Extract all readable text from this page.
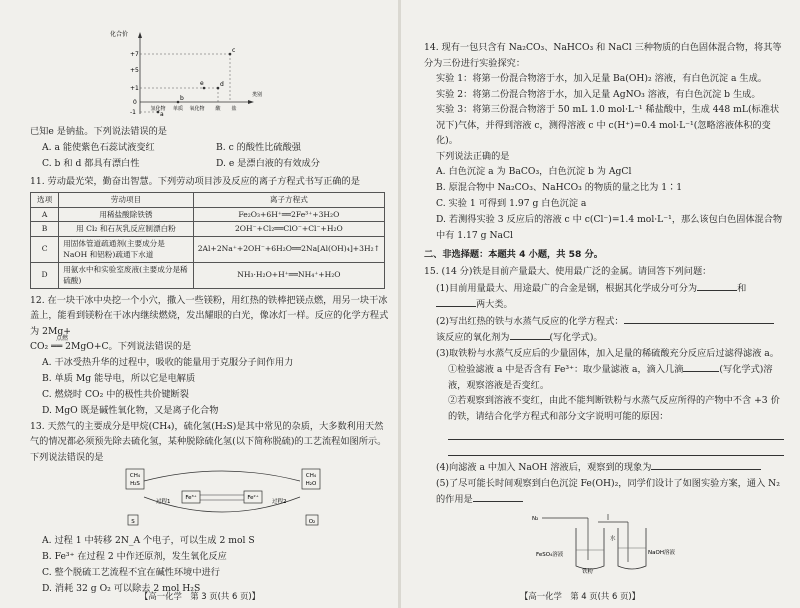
化合价
+7
+5
+1
0
-1	a
b
c
d
e
氢化物 单质 氧化物 酸 盐
类别

已知e 是钠盐。下列说法错误的是

A. a 能使紫色石蕊试液变红	B. c 的酸性比硫酸强
C. b 和 d 都具有漂白性	D. e 是漂白液的有效成分

11. 劳动最光荣，勤奋出智慧。下列劳动项目涉及反应的离子方程式书写正确的是

选项	劳动项目	离子方程式
A	用稀盐酸除铁锈	Fe₂O₃+6H⁺══2Fe³⁺+3H₂O
B	用 Cl₂ 和石灰乳反应制漂白粉	2OH⁻+Cl₂══ClO⁻+Cl⁻+H₂O
C	用固体管道疏通剂(主要成分是 NaOH 和铝粉)疏通下水道	2Al+2Na⁺+2OH⁻+6H₂O══2Na[Al(OH)₄]+3H₂↑
D	用氨水中和实验室废液(主要成分是稀硫酸)	NH₃·H₂O+H⁺══NH₄⁺+H₂O

12. 在一块干冰中央挖一个小穴，撒入一些镁粉，用红热的铁棒把镁点燃，用另一块干冰盖上，能看到镁粉在干冰内继续燃烧，发出耀眼的白光，像冰灯一样。反应的化学方程式为 2Mg+

点燃
CO₂ ══ 2MgO+C。下列说法错误的是

A. 干冰受热升华的过程中，吸收的能量用于克服分子间作用力

B. 单质 Mg 能导电，所以它是电解质

C. 燃烧时 CO₂ 中的极性共价键断裂

D. MgO 既是碱性氧化物，又是离子化合物

13. 天然气的主要成分是甲烷(CH₄)，硫化氢(H₂S)是其中常见的杂质，大多数利用天然气的情况都必须预先除去硫化氢，某种脱除硫化氢(以下简称脱硫)的工艺流程如图所示。下列说法错误的是

CH₄
H₂S
CH₄
H₂O
Fe³⁺	Fe²⁺
过程1	过程2
S	O₂

A. 过程 1 中转移 2N_A 个电子，可以生成 2 mol S

B. Fe³⁺ 在过程 2 中作还原剂，发生氧化反应

C. 整个脱硫工艺流程不宜在碱性环境中进行

D. 消耗 32 g O₂ 可以除去 2 mol H₂S

【高一化学　第 3 页(共 6 页)】

14. 现有一包只含有 Na₂CO₃、NaHCO₃ 和 NaCl 三种物质的白色固体混合物，将其等分为三份进行实验探究：

实验 1：将第一份混合物溶于水，加入足量 Ba(OH)₂ 溶液，有白色沉淀 a 生成。

实验 2：将第二份混合物溶于水，加入足量 AgNO₃ 溶液，有白色沉淀 b 生成。

实验 3：将第三份混合物溶于 50 mL 1.0 mol·L⁻¹ 稀盐酸中，生成 448 mL(标准状况下)气体，并得到溶液 c，测得溶液 c 中 c(H⁺)=0.4 mol·L⁻¹(忽略溶液体积的变化)。

下列说法正确的是

A. 白色沉淀 a 为 BaCO₃，白色沉淀 b 为 AgCl

B. 原混合物中 Na₂CO₃、NaHCO₃ 的物质的量之比为 1∶1

C. 实验 1 可得到 1.97 g 白色沉淀 a

D. 若测得实验 3 反应后的溶液 c 中 c(Cl⁻)=1.4 mol·L⁻¹，那么该包白色固体混合物中有 1.17 g NaCl

二、非选择题：本题共 4 小题，共 58 分。

15. (14 分)铁是目前产量最大、使用最广泛的金属。请回答下列问题：

(1)目前用量最大、用途最广的合金是钢，根据其化学成分可分为	和两大类。

(2)写出红热的铁与水蒸气反应的化学方程式：

该反应的氧化剂为	(写化学式)。

(3)取铁粉与水蒸气反应后的少量固体，加入足量的稀硫酸充分反应后过滤得滤液 a。

①检验滤液 a 中是否含有 Fe³⁺：取少量滤液 a，滴入几滴	(写化学式)溶液，观察溶液是否变红。

②若观察到溶液不变红，由此不能判断铁粉与水蒸气反应所得的产物中不含 +3 价的铁，请结合化学方程式和部分文字说明可能的原因：

(4)向滤液 a 中加入 NaOH 溶液后，观察到的现象为

(5)了尽可能长时间观察到白色沉淀 Fe(OH)₂，同学们设计了如图实验方案，通入 N₂ 的作用是

N₂
FeSO₄溶液
水
NaOH溶液
铁粉
【高一化学　第 4 页(共 6 页)】
